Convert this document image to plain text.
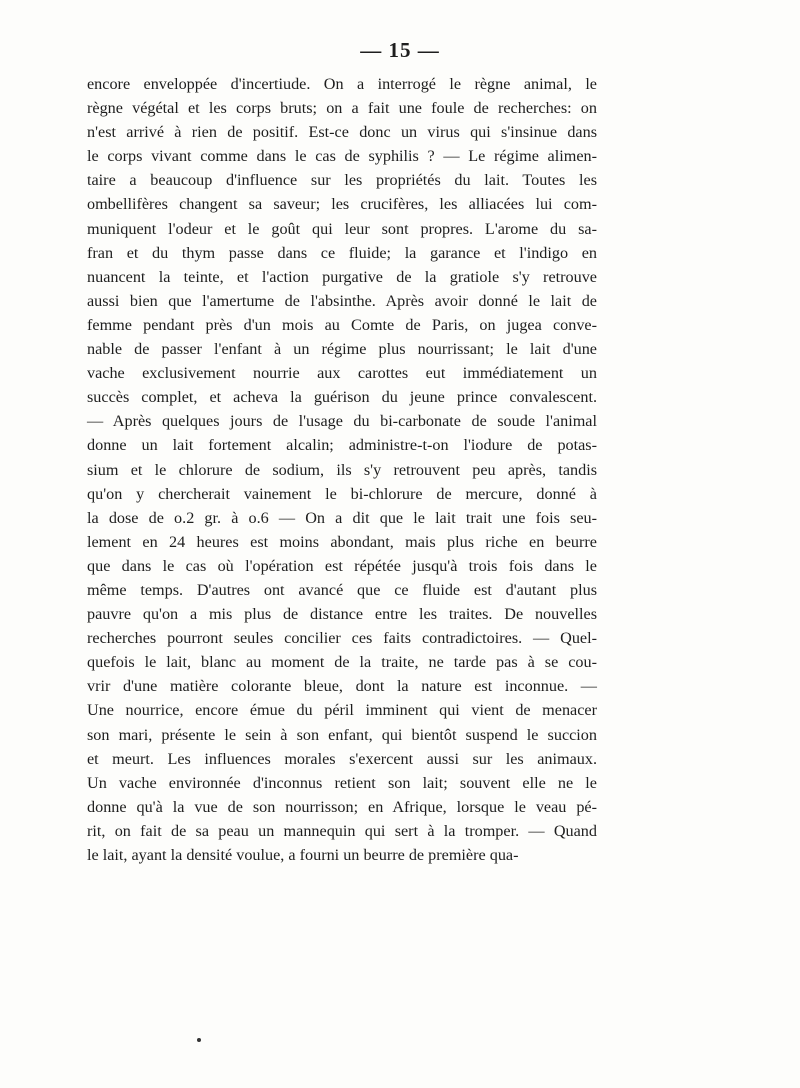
— 15 —
encore enveloppée d'incertiude. On a interrogé le règne animal, le
règne végétal et les corps bruts; on a fait une foule de recherches: on
n'est arrivé à rien de positif. Est-ce donc un virus qui s'insinue dans
le corps vivant comme dans le cas de syphilis ? — Le régime alimen-
taire a beaucoup d'influence sur les propriétés du lait. Toutes les
ombellifères changent sa saveur; les crucifères, les alliacées lui com-
muniquent l'odeur et le goût qui leur sont propres. L'arome du sa-
fran et du thym passe dans ce fluide; la garance et l'indigo en
nuancent la teinte, et l'action purgative de la gratiole s'y retrouve
aussi bien que l'amertume de l'absinthe. Après avoir donné le lait de
femme pendant près d'un mois au Comte de Paris, on jugea conve-
nable de passer l'enfant à un régime plus nourrissant; le lait d'une
vache exclusivement nourrie aux carottes eut immédiatement un
succès complet, et acheva la guérison du jeune prince convalescent.
— Après quelques jours de l'usage du bi-carbonate de soude l'animal
donne un lait fortement alcalin; administre-t-on l'iodure de potas-
sium et le chlorure de sodium, ils s'y retrouvent peu après, tandis
qu'on y chercherait vainement le bi-chlorure de mercure, donné à
la dose de o.2 gr. à o.6 — On a dit que le lait trait une fois seu-
lement en 24 heures est moins abondant, mais plus riche en beurre
que dans le cas où l'opération est répétée jusqu'à trois fois dans le
même temps. D'autres ont avancé que ce fluide est d'autant plus
pauvre qu'on a mis plus de distance entre les traites. De nouvelles
recherches pourront seules concilier ces faits contradictoires. — Quel-
quefois le lait, blanc au moment de la traite, ne tarde pas à se cou-
vrir d'une matière colorante bleue, dont la nature est inconnue. —
Une nourrice, encore émue du péril imminent qui vient de menacer
son mari, présente le sein à son enfant, qui bientôt suspend le succion
et meurt. Les influences morales s'exercent aussi sur les animaux.
Un vache environnée d'inconnus retient son lait; souvent elle ne le
donne qu'à la vue de son nourrisson; en Afrique, lorsque le veau pé-
rit, on fait de sa peau un mannequin qui sert à la tromper. — Quand
le lait, ayant la densité voulue, a fourni un beurre de première qua-
